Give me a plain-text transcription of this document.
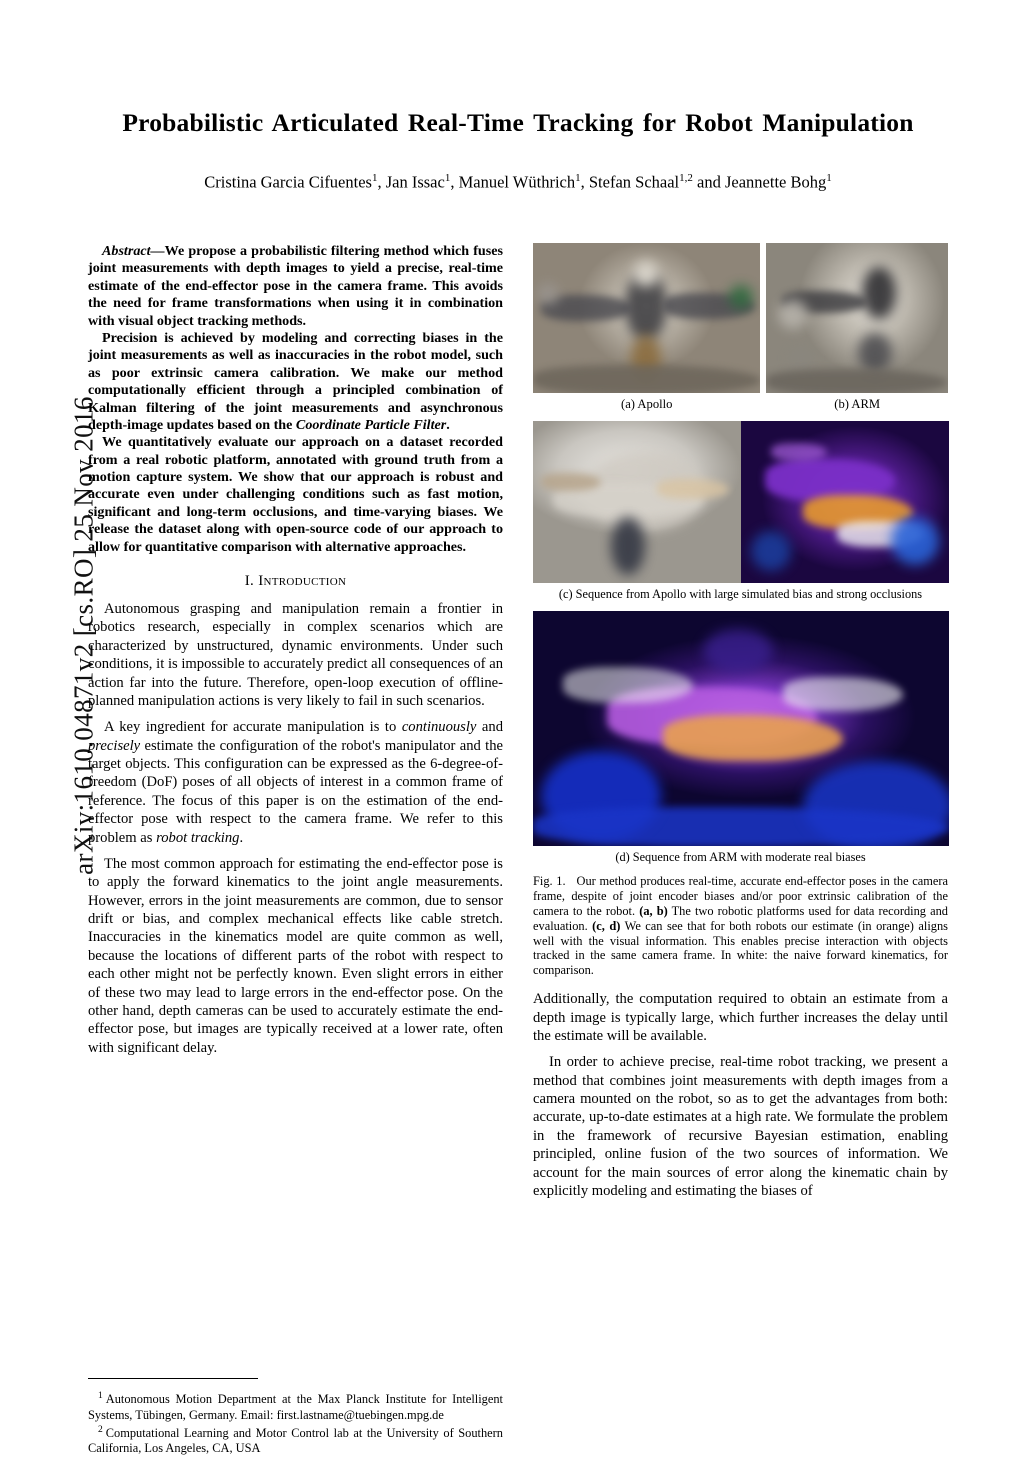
arXiv:1610.04871v2 [cs.RO] 25 Nov 2016
Probabilistic Articulated Real-Time Tracking for Robot Manipulation
Cristina Garcia Cifuentes$^1$, Jan Issac$^1$, Manuel Wüthrich$^1$, Stefan Schaal$^{1,2}$ and Jeannette Bohg$^1$

Abstract—We propose a probabilistic filtering method which fuses joint measurements with depth images to yield a precise, real-time estimate of the end-effector pose in the camera frame. This avoids the need for frame transformations when using it in combination with visual object tracking methods.

Precision is achieved by modeling and correcting biases in the joint measurements as well as inaccuracies in the robot model, such as poor extrinsic camera calibration. We make our method computationally efficient through a principled combination of Kalman filtering of the joint measurements and asynchronous depth-image updates based on the Coordinate Particle Filter.

We quantitatively evaluate our approach on a dataset recorded from a real robotic platform, annotated with ground truth from a motion capture system. We show that our approach is robust and accurate even under challenging conditions such as fast motion, significant and long-term occlusions, and time-varying biases. We release the dataset along with open-source code of our approach to allow for quantitative comparison with alternative approaches.

I. Introduction

Autonomous grasping and manipulation remain a frontier in robotics research, especially in complex scenarios which are characterized by unstructured, dynamic environments. Under such conditions, it is impossible to accurately predict all consequences of an action far into the future. Therefore, open-loop execution of offline-planned manipulation actions is very likely to fail in such scenarios.

A key ingredient for accurate manipulation is to continuously and precisely estimate the configuration of the robot's manipulator and the target objects. This configuration can be expressed as the 6-degree-of-freedom (DoF) poses of all objects of interest in a common frame of reference. The focus of this paper is on the estimation of the end-effector pose with respect to the camera frame. We refer to this problem as robot tracking.

The most common approach for estimating the end-effector pose is to apply the forward kinematics to the joint angle measurements. However, errors in the joint measurements are common, due to sensor drift or bias, and complex mechanical effects like cable stretch. Inaccuracies in the kinematics model are quite common as well, because the locations of different parts of the robot with respect to each other might not be perfectly known. Even slight errors in either of these two may lead to large errors in the end-effector pose. On the other hand, depth cameras can be used to accurately estimate the end-effector pose, but images are typically received at a lower rate, often with significant delay.

(a) Apollo	(b) ARM
(c) Sequence from Apollo with large simulated bias and strong occlusions
(d) Sequence from ARM with moderate real biases
Fig. 1. Our method produces real-time, accurate end-effector poses in the camera frame, despite of joint encoder biases and/or poor extrinsic calibration of the camera to the robot. (a, b) The two robotic platforms used for data recording and evaluation. (c, d) We can see that for both robots our estimate (in orange) aligns well with the visual information. This enables precise interaction with objects tracked in the same camera frame. In white: the naive forward kinematics, for comparison.

Additionally, the computation required to obtain an estimate from a depth image is typically large, which further increases the delay until the estimate will be available.

In order to achieve precise, real-time robot tracking, we present a method that combines joint measurements with depth images from a camera mounted on the robot, so as to get the advantages from both: accurate, up-to-date estimates at a high rate. We formulate the problem in the framework of recursive Bayesian estimation, enabling principled, online fusion of the two sources of information. We account for the main sources of error along the kinematic chain by explicitly modeling and estimating the biases of

$^1$ Autonomous Motion Department at the Max Planck Institute for Intelligent Systems, Tübingen, Germany. Email: first.lastname@tuebingen.mpg.de
$^2$ Computational Learning and Motor Control lab at the University of Southern California, Los Angeles, CA, USA
